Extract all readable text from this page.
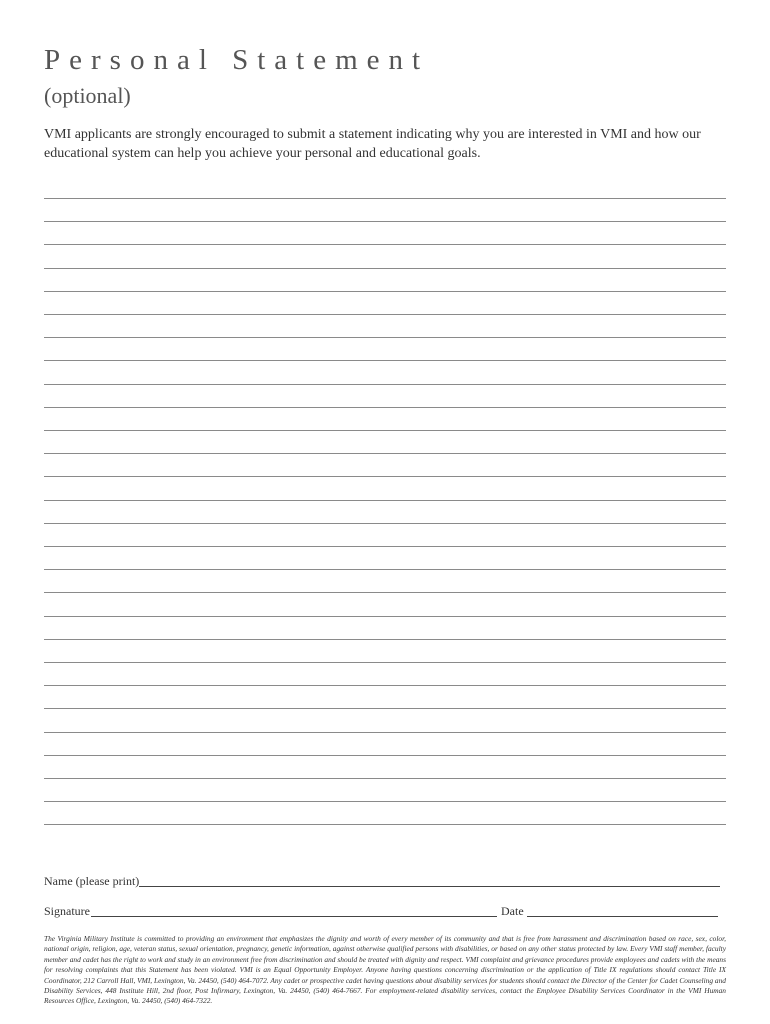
Personal Statement
(optional)
VMI applicants are strongly encouraged to submit a statement indicating why you are interested in VMI and how our educational system can help you achieve your personal and educational goals.
Name (please print)
Signature	Date
The Virginia Military Institute is committed to providing an environment that emphasizes the dignity and worth of every member of its community and that is free from harassment and discrimination based on race, sex, color, national origin, religion, age, veteran status, sexual orientation, pregnancy, genetic information, against otherwise qualified persons with disabilities, or based on any other status protected by law. Every VMI staff member, faculty member and cadet has the right to work and study in an environment free from discrimination and should be treated with dignity and respect. VMI complaint and grievance procedures provide employees and cadets with the means for resolving complaints that this Statement has been violated. VMI is an Equal Opportunity Employer. Anyone having questions concerning discrimination or the application of Title IX regulations should contact Title IX Coordinator, 212 Carroll Hall, VMI, Lexington, Va. 24450, (540) 464-7072. Any cadet or prospective cadet having questions about disability services for students should contact the Director of the Center for Cadet Counseling and Disability Services, 448 Institute Hill, 2nd floor, Post Infirmary, Lexington, Va. 24450, (540) 464-7667. For employment-related disability services, contact the Employee Disability Services Coordinator in the VMI Human Resources Office, Lexington, Va. 24450, (540) 464-7322.
